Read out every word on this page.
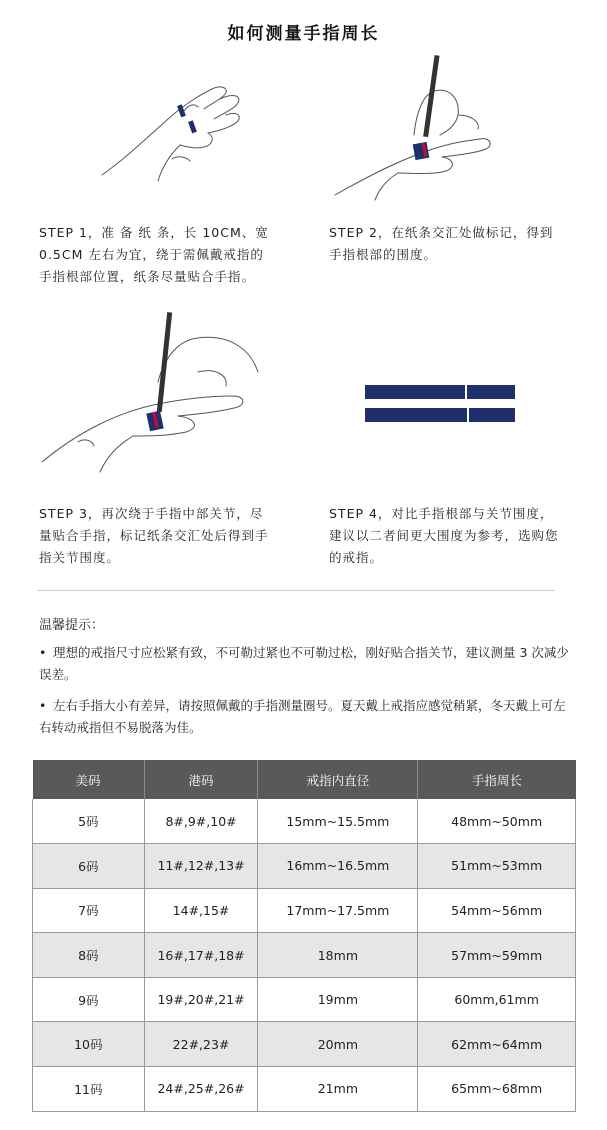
如何测量手指周长
STEP 1，准 备 纸 条，长 10CM、宽 0.5CM 左右为宜，绕于需佩戴戒指的手指根部位置，纸条尽量贴合手指。
STEP 2，在纸条交汇处做标记，得到手指根部的围度。
STEP 3，再次绕于手指中部关节，尽量贴合手指，标记纸条交汇处后得到手指关节围度。
STEP 4，对比手指根部与关节围度，建议以二者间更大围度为参考，选购您的戒指。
温馨提示：
• 理想的戒指尺寸应松紧有致，不可勒过紧也不可勒过松，刚好贴合指关节，建议测量 3 次减少误差。
• 左右手指大小有差异，请按照佩戴的手指测量圈号。夏天戴上戒指应感觉稍紧，冬天戴上可左右转动戒指但不易脱落为佳。
美码	港码	戒指内直径	手指周长
5码	8#,9#,10#	15mm~15.5mm	48mm~50mm
6码	11#,12#,13#	16mm~16.5mm	51mm~53mm
7码	14#,15#	17mm~17.5mm	54mm~56mm
8码	16#,17#,18#	18mm	57mm~59mm
9码	19#,20#,21#	19mm	60mm,61mm
10码	22#,23#	20mm	62mm~64mm
11码	24#,25#,26#	21mm	65mm~68mm
